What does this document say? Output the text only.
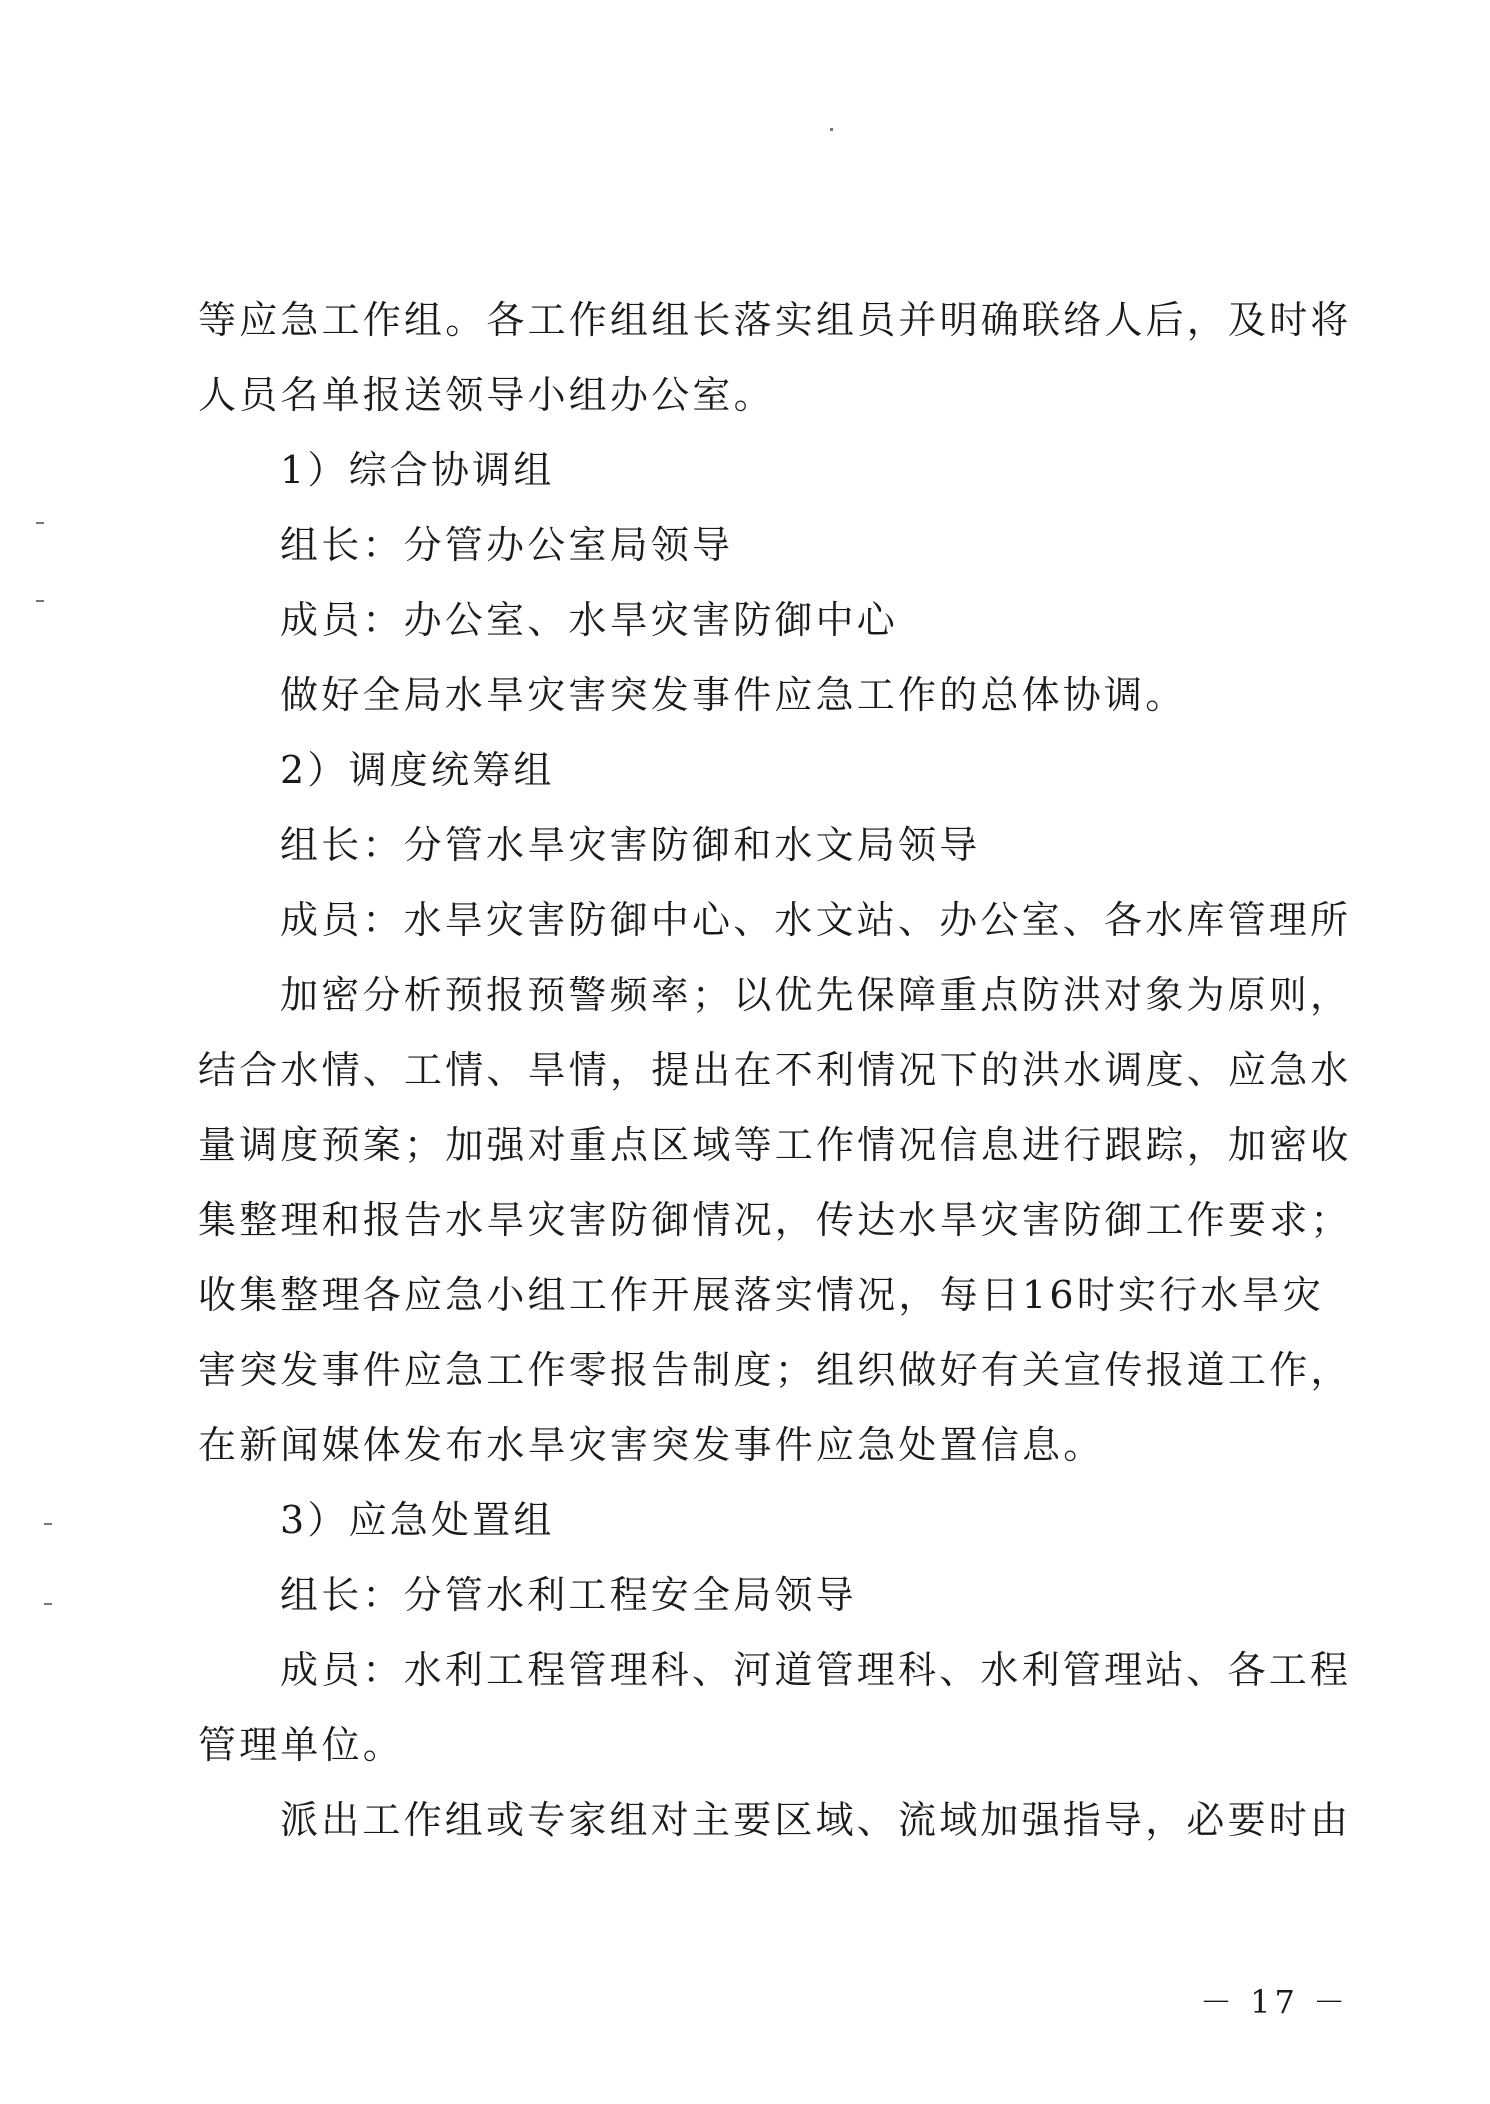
等应急工作组。各工作组组长落实组员并明确联络人后，及时将
人员名单报送领导小组办公室。
1）综合协调组
组长：分管办公室局领导
成员：办公室、水旱灾害防御中心
做好全局水旱灾害突发事件应急工作的总体协调。
2）调度统筹组
组长：分管水旱灾害防御和水文局领导
成员：水旱灾害防御中心、水文站、办公室、各水库管理所
加密分析预报预警频率；以优先保障重点防洪对象为原则，
结合水情、工情、旱情，提出在不利情况下的洪水调度、应急水
量调度预案；加强对重点区域等工作情况信息进行跟踪，加密收
集整理和报告水旱灾害防御情况，传达水旱灾害防御工作要求；
收集整理各应急小组工作开展落实情况，每日16时实行水旱灾
害突发事件应急工作零报告制度；组织做好有关宣传报道工作，
在新闻媒体发布水旱灾害突发事件应急处置信息。
3）应急处置组
组长：分管水利工程安全局领导
成员：水利工程管理科、河道管理科、水利管理站、各工程
管理单位。
派出工作组或专家组对主要区域、流域加强指导，必要时由
－ 17 －
